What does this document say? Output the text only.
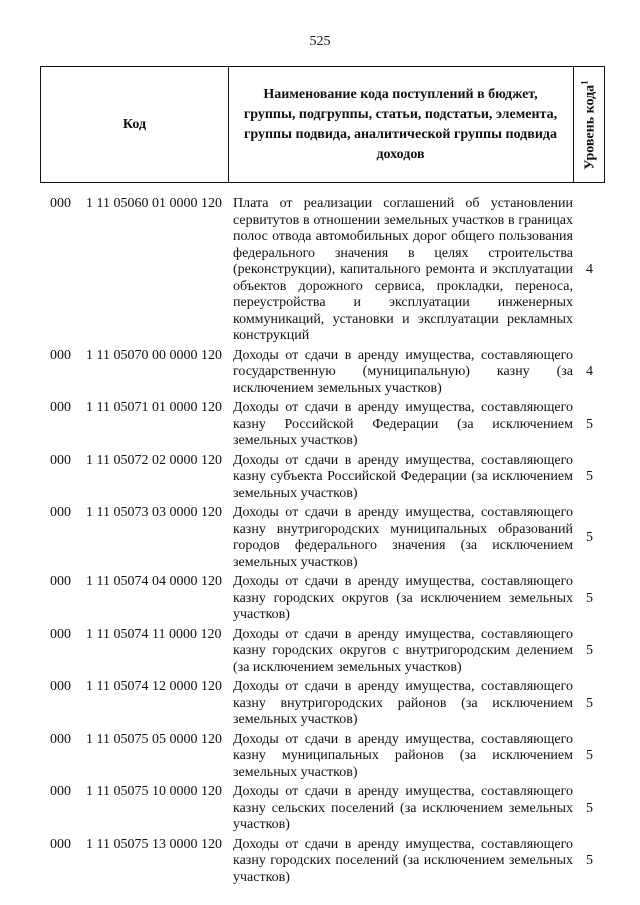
525
Код
Наименование кода поступлений в бюджет, группы, подгруппы, статьи, подстатьи, элемента, группы подвида, аналитической группы подвида доходов	Уровень кода$^1$
000 1 11 05060 01 0000 120 Плата от реализации соглашений об установлении сервитутов в отношении земельных участков в границах полос отвода автомобильных дорог общего пользования федерального значения в целях строительства (реконструкции), капитального ремонта и эксплуатации объектов дорожного сервиса, прокладки, переноса, переустройства и эксплуатации инженерных коммуникаций, установки и эксплуатации рекламных конструкций
4
000 1 11 05070 00 0000 120 Доходы от сдачи в аренду имущества, составляющего государственную (муниципальную) казну (за исключением земельных участков)
4
000 1 11 05071 01 0000 120 Доходы от сдачи в аренду имущества, составляющего казну Российской Федерации (за исключением земельных участков)
5
000 1 11 05072 02 0000 120 Доходы от сдачи в аренду имущества, составляющего казну субъекта Российской Федерации (за исключением земельных участков)
5
000 1 11 05073 03 0000 120 Доходы от сдачи в аренду имущества, составляющего казну внутригородских муниципальных образований городов федерального значения (за исключением земельных участков)
5
000 1 11 05074 04 0000 120 Доходы от сдачи в аренду имущества, составляющего казну городских округов (за исключением земельных участков)
5
000 1 11 05074 11 0000 120 Доходы от сдачи в аренду имущества, составляющего казну городских округов с внутригородским делением (за исключением земельных участков)
5
000 1 11 05074 12 0000 120 Доходы от сдачи в аренду имущества, составляющего казну внутригородских районов (за исключением земельных участков)
5
000 1 11 05075 05 0000 120 Доходы от сдачи в аренду имущества, составляющего казну муниципальных районов (за исключением земельных участков)
5
000 1 11 05075 10 0000 120 Доходы от сдачи в аренду имущества, составляющего казну сельских поселений (за исключением земельных участков)
5
000 1 11 05075 13 0000 120 Доходы от сдачи в аренду имущества, составляющего казну городских поселений (за исключением земельных участков)
5
